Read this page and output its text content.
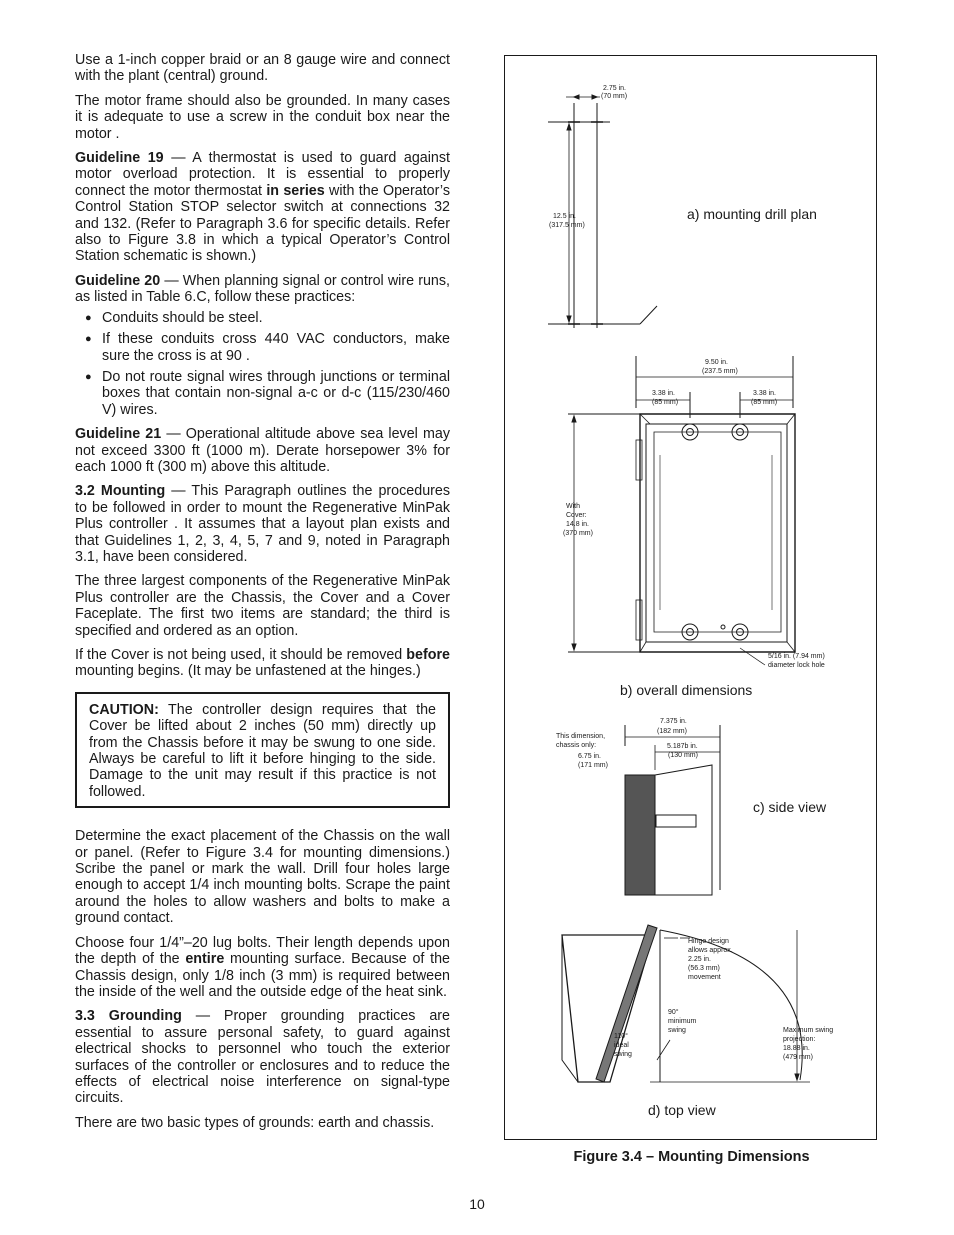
Use a 1-inch copper braid or an 8 gauge wire and connect with the plant (central) ground.

The motor frame should also be grounded. In many cases it is adequate to use a screw in the conduit box near the motor .

Guideline 19 — A thermostat is used to guard against motor overload protection. It is essential to properly connect the motor thermostat in series with the Operator’s Control Station STOP selector switch at connections 32 and 132. (Refer to Paragraph 3.6 for specific details. Refer also to Figure 3.8 in which a typical Operator’s Control Station schematic is shown.)

Guideline 20 — When planning signal or control wire runs, as listed in Table 6.C, follow these practices:

● Conduits should be steel.
● If these conduits cross 440 VAC conductors, make sure the cross is at 90 .
● Do not route signal wires through junctions or terminal boxes that contain non-signal a-c or d-c (115/230/460 V) wires.

Guideline 21 — Operational altitude above sea level may not exceed 3300 ft (1000 m). Derate horsepower 3% for each 1000 ft (300 m) above this altitude.

3.2 Mounting — This Paragraph outlines the procedures to be followed in order to mount the Regenerative MinPak Plus controller . It assumes that a layout plan exists and that Guidelines 1, 2, 3, 4, 5, 7 and 9, noted in Paragraph 3.1, have been considered.

The three largest components of the Regenerative MinPak Plus controller are the Chassis, the Cover and a Cover Faceplate. The first two items are standard; the third is specified and ordered as an option.

If the Cover is not being used, it should be removed before mounting begins. (It may be unfastened at the hinges.)

CAUTION: The controller design requires that the Cover be lifted about 2 inches (50 mm) directly up from the Chassis before it may be swung to one side. Always be careful to lift it before hinging to the side. Damage to the unit may result if this practice is not followed.

Determine the exact placement of the Chassis on the wall or panel. (Refer to Figure 3.4 for mounting dimensions.) Scribe the panel or mark the wall. Drill four holes large enough to accept 1/4 inch mounting bolts. Scrape the paint around the holes to allow washers and bolts to make a ground contact.

Choose four 1/4”–20 lug bolts. Their length depends upon the depth of the entire mounting surface. Because of the Chassis design, only 1/8 inch (3 mm) is required between the inside of the well and the outside edge of the heat sink.

3.3 Grounding — Proper grounding practices are essential to assure personal safety, to guard against electrical shocks to personnel who touch the exterior surfaces of the controller or enclosures and to reduce the effects of electrical noise interference on signal-type circuits.

There are two basic types of grounds: earth and chassis.

2.75 in.
(70 mm)
12.5 in.
(317.5 mm)
9.50 in.
(237.5 mm)
3.38 in.
(85 mm)
3.38 in.
(85 mm)
With
Cover:
14.8 in.
(370 mm)
5/16 in. (7.94 mm)
diameter lock hole
7.375 in.
(182 mm)
5.187b in.
(130 mm)
This dimension,
chassis only:
6.75 in.
(171 mm)
Hinge design
allows approx.
2.25 in.
(56.3 mm)
movement
90°
minimum
swing
110°
ideal
swing
Maximum swing
projection:
18.88 in.
(479 mm)
a) mounting drill plan
b) overall dimensions
c) side view
d) top view
Figure 3.4 – Mounting Dimensions
10
